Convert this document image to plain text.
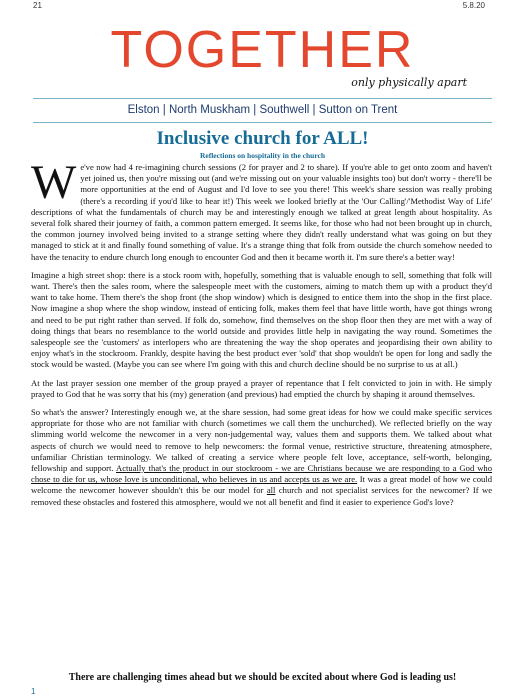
21	5.8.20
TOGETHER
only physically apart
Elston | North Muskham | Southwell | Sutton on Trent
Inclusive church for ALL!
Reflections on hospitality in the church

We've now had 4 re-imagining church sessions (2 for prayer and 2 to share). If you're able to get onto zoom and haven't yet joined us, then you're missing out (and we're missing out on your valuable insights too) but don't worry - there'll be more opportunities at the end of August and I'd love to see you there! This week's share session was really probing (there's a recording if you'd like to hear it!) This week we looked briefly at the 'Our Calling'/'Methodist Way of Life' descriptions of what the fundamentals of church may be and interestingly enough we talked at great length about hospitality. As several folk shared their journey of faith, a common pattern emerged. It seems like, for those who had not been brought up in church, the common journey involved being invited to a strange setting where they didn't really understand what was going on but they managed to stick at it and finally found something of value. It's a strange thing that folk from outside the church somehow needed to have the tenacity to endure church long enough to encounter God and then it became worth it. I'm sure there's a better way!

Imagine a high street shop: there is a stock room with, hopefully, something that is valuable enough to sell, something that folk will want. There's then the sales room, where the salespeople meet with the customers, aiming to match them up with a product they'd want to take home. Them there's the shop front (the shop window) which is designed to entice them into the shop in the first place. Now imagine a shop where the shop window, instead of enticing folk, makes them feel that have little worth, have got things wrong and need to be put right rather than served. If folk do, somehow, find themselves on the shop floor then they are met with a way of doing things that bears no resemblance to the world outside and provides little help in navigating the way round. Sometimes the salespeople see the 'customers' as interlopers who are threatening the way the shop operates and jeopardising their own ability to enjoy what's in the stockroom. Frankly, despite having the best product ever 'sold' that shop wouldn't be open for long and sadly the stock would be wasted. (Maybe you can see where I'm going with this and church decline should be no surprise to us at all.)

At the last prayer session one member of the group prayed a prayer of repentance that I felt convicted to join in with. He simply prayed to God that he was sorry that his (my) generation (and previous) had emptied the church by shaping it around themselves.

So what's the answer? Interestingly enough we, at the share session, had some great ideas for how we could make specific services appropriate for those who are not familiar with church (sometimes we call them the unchurched). We reflected briefly on the way slimming world welcome the newcomer in a very non-judgemental way, values them and supports them. We talked about what aspects of church we would need to remove to help newcomers: the formal venue, restrictive structure, threatening atmosphere, unfamiliar Christian terminology. We talked of creating a service where people felt love, acceptance, self-worth, belonging, fellowship and support. Actually that's the product in our stockroom - we are Christians because we are responding to a God who chose to die for us, whose love is unconditional, who believes in us and accepts us as we are. It was a great model of how we could welcome the newcomer however shouldn't this be our model for all church and not specialist services for the newcomer? If we removed these obstacles and fostered this atmosphere, would we not all benefit and find it easier to experience God's love?

There are challenging times ahead but we should be excited about where God is leading us!
1
